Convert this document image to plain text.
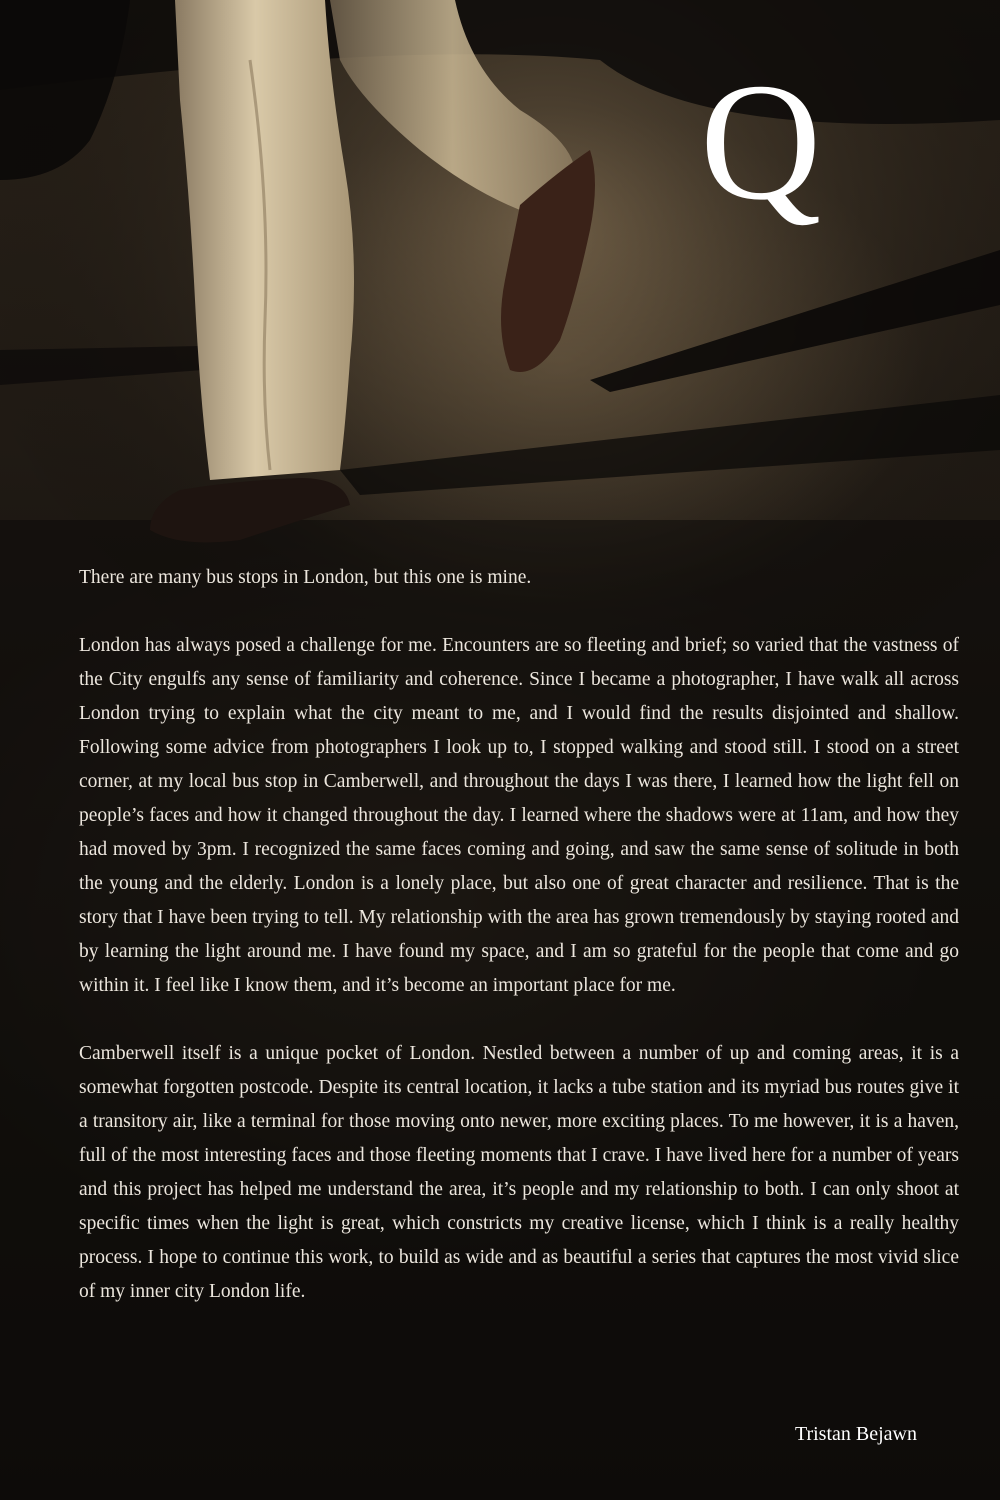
Q

There are many bus stops in London, but this one is mine.

London has always posed a challenge for me. Encounters are so fleeting and brief; so varied that the vastness of the City engulfs any sense of familiarity and coherence. Since I became a photographer, I have walk all across London trying to explain what the city meant to me, and I would find the results disjointed and shallow. Following some advice from photographers I look up to, I stopped walking and stood still. I stood on a street corner, at my local bus stop in Camberwell, and throughout the days I was there, I learned how the light fell on people’s faces and how it changed throughout the day. I learned where the shadows were at 11am, and how they had moved by 3pm. I recognized the same faces coming and going, and saw the same sense of solitude in both the young and the elderly. London is a lonely place, but also one of great character and resilience. That is the story that I have been trying to tell. My relationship with the area has grown tremendously by staying rooted and by learning the light around me. I have found my space, and I am so grateful for the people that come and go within it. I feel like I know them, and it’s become an important place for me.

Camberwell itself is a unique pocket of London. Nestled between a number of up and coming areas, it is a somewhat forgotten postcode. Despite its central location, it lacks a tube station and its myriad bus routes give it a transitory air, like a terminal for those moving onto newer, more exciting places. To me however, it is a haven, full of the most interesting faces and those fleeting moments that I crave. I have lived here for a number of years and this project has helped me understand the area, it’s people and my relationship to both. I can only shoot at specific times when the light is great, which constricts my creative license, which I think is a really healthy process. I hope to continue this work, to build as wide and as beautiful a series that captures the most vivid slice of my inner city London life.

Tristan Bejawn
